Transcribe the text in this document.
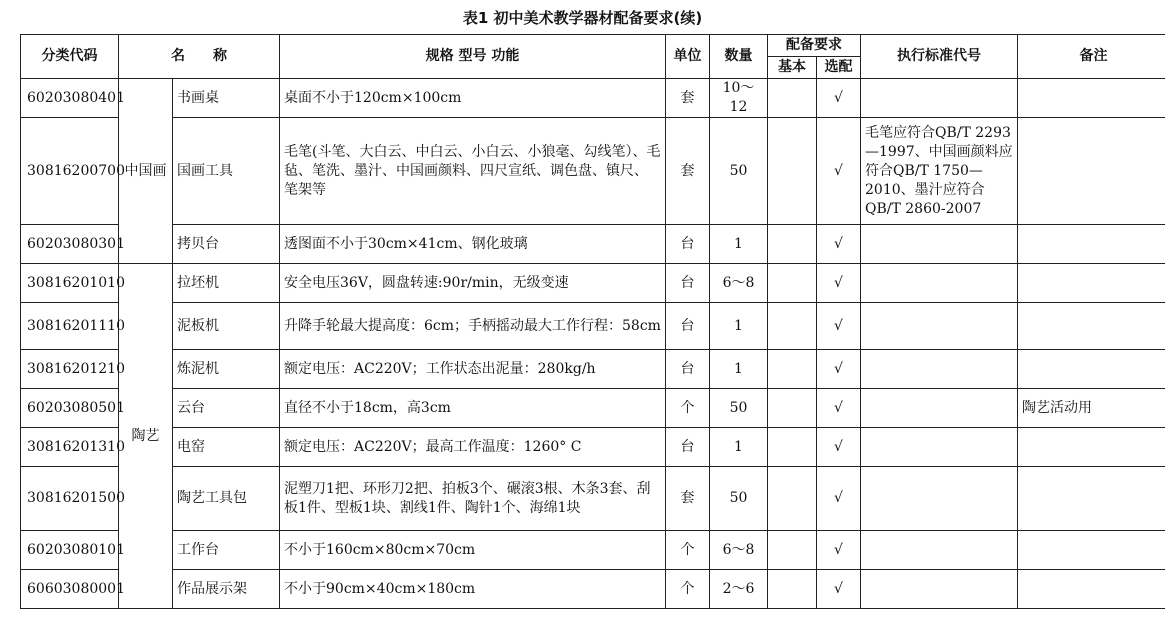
表1 初中美术教学器材配备要求(续)
分类代码	名　　称		规格 型号 功能	单位	数量	配备要求		执行标准代号	备注
						基本	选配		
60203080401	中国画	书画桌	桌面不小于120cm×100cm	套	10～12		√		
30816200700		国画工具	毛笔(斗笔、大白云、中白云、小白云、小狼毫、勾线笔）、毛毡、笔洗、墨汁、中国画颜料、四尺宣纸、调色盘、镇尺、笔架等	套	50		√	毛笔应符合QB/T 2293—1997、中国画颜料应符合QB/T 1750—2010、墨汁应符合QB/T 2860-2007	
60203080301		拷贝台	透图面不小于30cm×41cm、钢化玻璃	台	1		√		
30816201010	陶艺	拉坯机	安全电压36V，圆盘转速:90r/min，无级变速	台	6～8		√		
30816201110		泥板机	升降手轮最大提高度：6cm；手柄摇动最大工作行程：58cm	台	1		√		
30816201210		炼泥机	额定电压：AC220V；工作状态出泥量：280kg/h	台	1		√		
60203080501		云台	直径不小于18cm，高3cm	个	50		√		陶艺活动用
30816201310		电窑	额定电压：AC220V；最高工作温度：1260° C	台	1		√		
30816201500		陶艺工具包	泥塑刀1把、环形刀2把、拍板3个、碾滚3根、木条3套、刮板1件、型板1块、割线1件、陶针1个、海绵1块	套	50		√		
60203080101		工作台	不小于160cm×80cm×70cm	个	6～8		√		
60603080001		作品展示架	不小于90cm×40cm×180cm	个	2～6		√		
